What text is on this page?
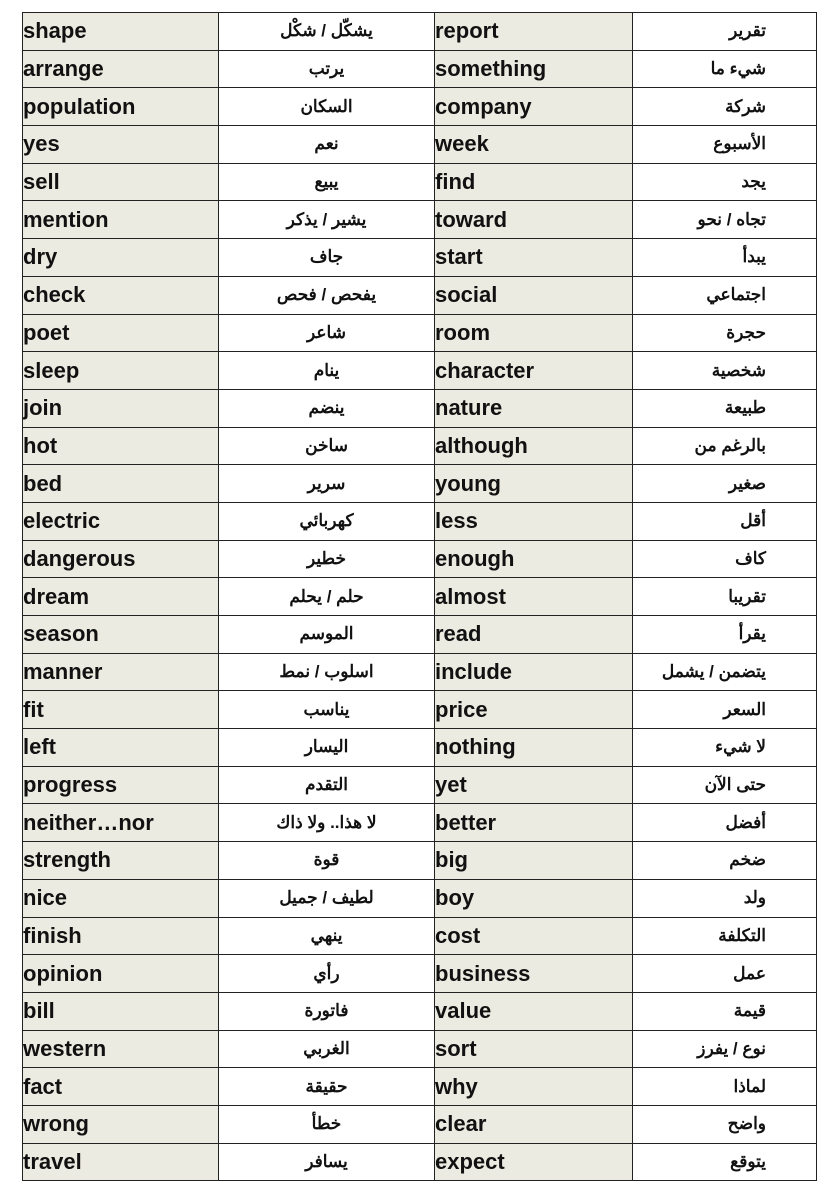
shape	يشكّل / شكْل	report	تقرير
arrange	يرتب	something	شيء ما
population	السكان	company	شركة
yes	نعم	week	الأسبوع
sell	يبيع	find	يجد
mention	يشير / يذكر	toward	تجاه / نحو
dry	جاف	start	يبدأ
check	يفحص / فحص	social	اجتماعي
poet	شاعر	room	حجرة
sleep	ينام	character	شخصية
join	ينضم	nature	طبيعة
hot	ساخن	although	بالرغم من
bed	سرير	young	صغير
electric	كهربائي	less	أقل
dangerous	خطير	enough	كاف
dream	حلم / يحلم	almost	تقريبا
season	الموسم	read	يقرأ
manner	اسلوب / نمط	include	يتضمن / يشمل
fit	يناسب	price	السعر
left	اليسار	nothing	لا شيء
progress	التقدم	yet	حتى الآن
neither…nor	لا هذا.. ولا ذاك	better	أفضل
strength	قوة	big	ضخم
nice	لطيف / جميل	boy	ولد
finish	ينهي	cost	التكلفة
opinion	رأي	business	عمل
bill	فاتورة	value	قيمة
western	الغربي	sort	نوع / يفرز
fact	حقيقة	why	لماذا
wrong	خطأ	clear	واضح
travel	يسافر	expect	يتوقع
